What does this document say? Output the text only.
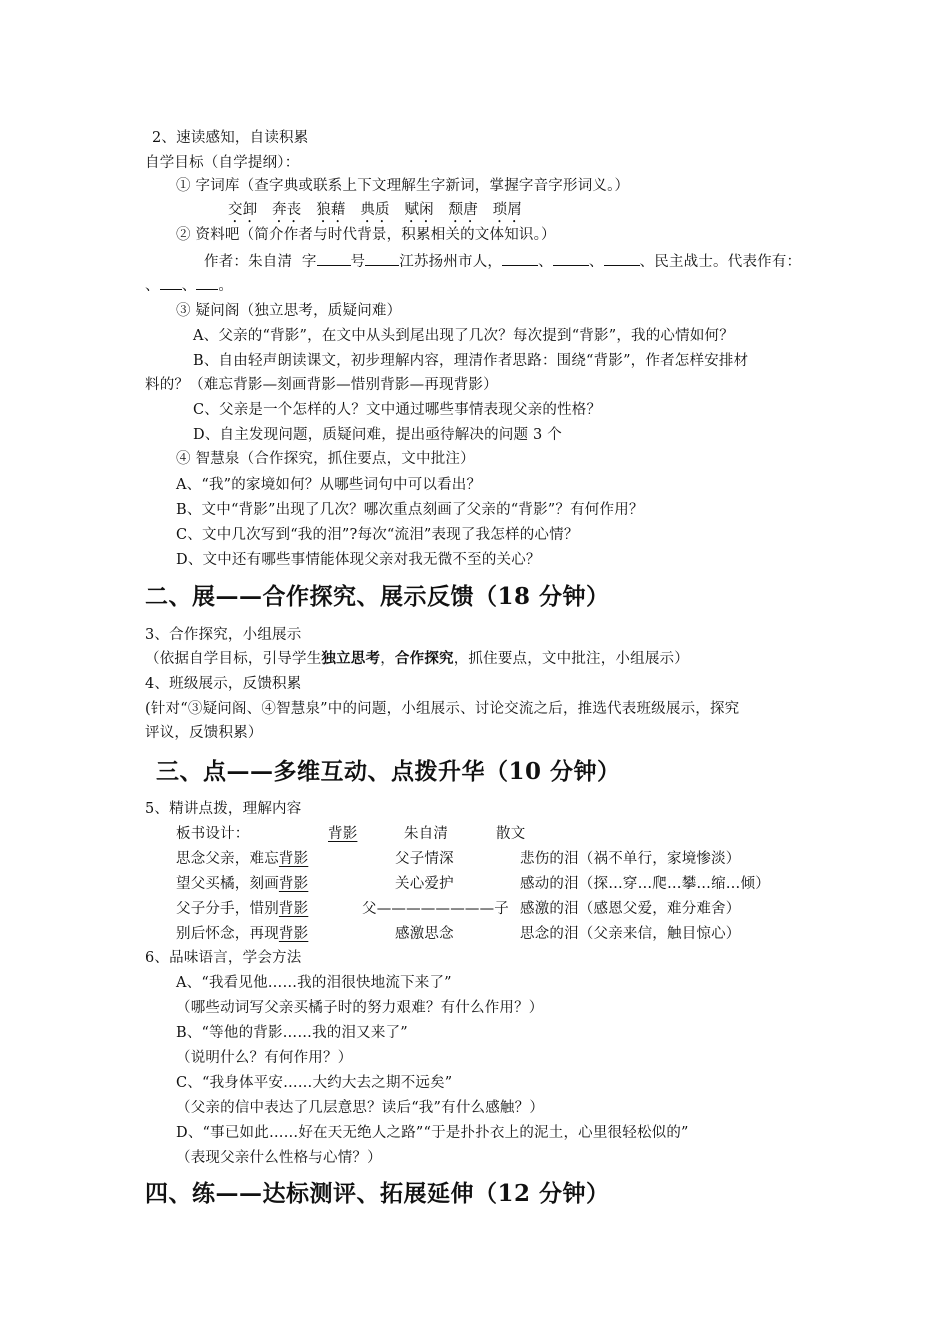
2、速读感知，自读积累
自学目标（自学提纲）：
① 字词库（查字典或联系上下文理解生字新词，掌握字音字形词义。）
交卸　 奔丧　 狼藉　 典质　 赋闲　 颓唐　 琐屑
② 资料吧（简介作者与时代背景，积累相关的文体知识。）
作者：朱自清 字 号 江苏扬州市人， 、 、 、民主战士。代表作有：
、 、 。
③ 疑问阁（独立思考，质疑问难）
A、父亲的“背影”，在文中从头到尾出现了几次？每次提到“背影”，我的心情如何？
B、自由轻声朗读课文，初步理解内容，理清作者思路：围绕“背影”，作者怎样安排材
料的？（难忘背影—刻画背影—惜别背影—再现背影）
C、父亲是一个怎样的人？文中通过哪些事情表现父亲的性格？
D、自主发现问题，质疑问难，提出亟待解决的问题 3 个
④ 智慧泉（合作探究，抓住要点，文中批注）
A、“我”的家境如何？从哪些词句中可以看出？
B、文中“背影”出现了几次？哪次重点刻画了父亲的“背影”？有何作用？
C、文中几次写到“我的泪”?每次“流泪”表现了我怎样的心情？
D、文中还有哪些事情能体现父亲对我无微不至的关心？
二、展——合作探究、展示反馈（18 分钟）
3、合作探究，小组展示
（依据自学目标，引导学生独立思考，合作探究，抓住要点，文中批注，小组展示）
4、班级展示，反馈积累
(针对“③疑问阁、④智慧泉”中的问题，小组展示、讨论交流之后，推选代表班级展示，探究
评议，反馈积累）
三、点——多维互动、点拨升华（10 分钟）
5、精讲点拨，理解内容
板书设计：	背影	朱自清	散文
思念父亲，难忘背影	父子情深	悲伤的泪（祸不单行，家境惨淡）
望父买橘，刻画背影	关心爱护	感动的泪（探…穿…爬…攀…缩…倾）
父子分手，惜别背影	父————————子 感激的泪（感恩父爱，难分难舍）
别后怀念，再现背影	感激思念	思念的泪（父亲来信，触目惊心）
6、品味语言，学会方法
A、“我看见他……我的泪很快地流下来了”
（哪些动词写父亲买橘子时的努力艰难？有什么作用？）
B、“等他的背影……我的泪又来了”
（说明什么？有何作用？）
C、“我身体平安……大约大去之期不远矣”
（父亲的信中表达了几层意思？读后“我”有什么感触？）
D、“事已如此……好在天无绝人之路”“于是扑扑衣上的泥土，心里很轻松似的”
（表现父亲什么性格与心情？）
四、练——达标测评、拓展延伸（12 分钟）
